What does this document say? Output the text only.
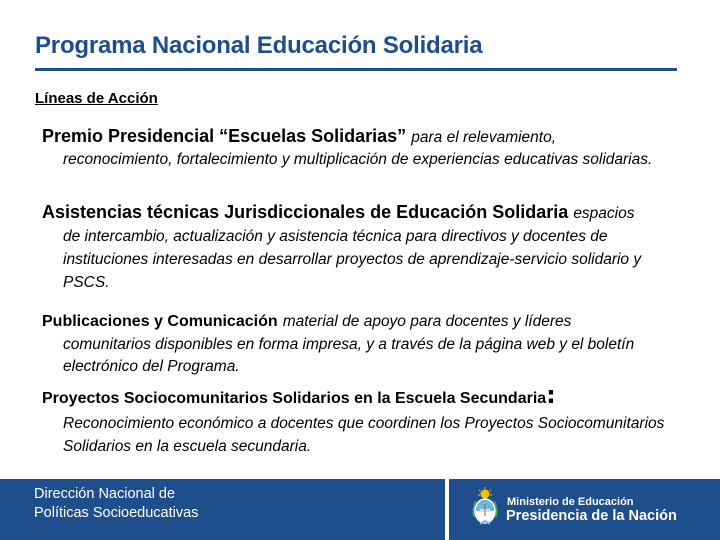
Programa Nacional Educación Solidaria
Líneas de Acción
Premio Presidencial “Escuelas Solidarias” para el relevamiento,
reconocimiento, fortalecimiento y multiplicación de experiencias educativas solidarias.
Asistencias técnicas Jurisdiccionales de Educación Solidaria espacios
de intercambio, actualización y asistencia técnica para directivos y docentes de instituciones interesadas en desarrollar proyectos de aprendizaje-servicio solidario y PSCS.
Publicaciones y Comunicación material de apoyo para docentes y líderes
comunitarios disponibles en forma impresa, y a través de la página web y el boletín electrónico del Programa.
Proyectos Sociocomunitarios Solidarios en la Escuela Secundaria:
Reconocimiento económico a docentes que coordinen los Proyectos Sociocomunitarios Solidarios en la escuela secundaria.
Dirección Nacional de
Políticas Socioeducativas
Ministerio de Educación
Presidencia de la Nación
